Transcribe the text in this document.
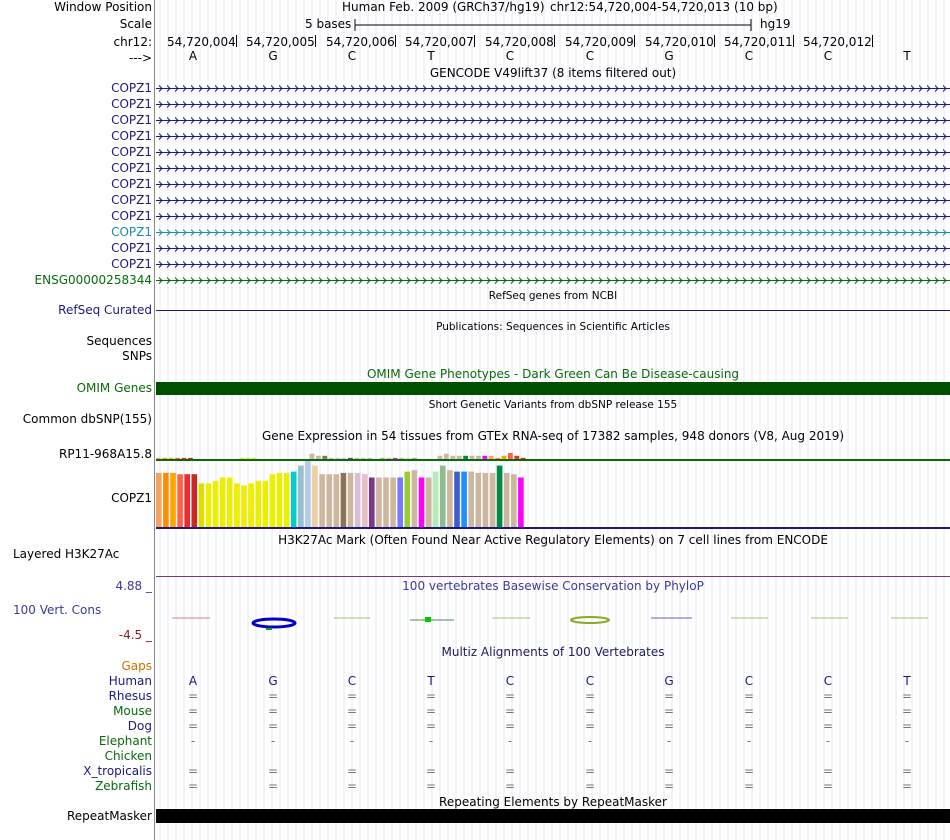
Window Position	Human Feb. 2009 (GRCh37/hg19) chr12:54,720,004-54,720,013 (10 bp)
Scale	5 bases	hg19
chr12: 54,720,004 54,720,005 54,720,006 54,720,007 54,720,008 54,720,009 54,720,010 54,720,011 54,720,012
--->	A	G	C	T	C	C	G	C	C	T
GENCODE V49lift37 (8 items filtered out)
COPZ1
COPZ1
COPZ1
COPZ1
COPZ1
COPZ1
COPZ1
COPZ1
COPZ1
COPZ1
COPZ1
COPZ1
ENSG00000258344
RefSeq genes from NCBI
RefSeq Curated
Publications: Sequences in Scientific Articles
Sequences
SNPs
OMIM Gene Phenotypes - Dark Green Can Be Disease-causing
OMIM Genes
Short Genetic Variants from dbSNP release 155
Common dbSNP(155)
Gene Expression in 54 tissues from GTEx RNA-seq of 17382 samples, 948 donors (V8, Aug 2019)
RP11-968A15.8
COPZ1
H3K27Ac Mark (Often Found Near Active Regulatory Elements) on 7 cell lines from ENCODE
Layered H3K27Ac
100 vertebrates Basewise Conservation by PhyloP
4.88 _
100 Vert. Cons
-4.5 _
Multiz Alignments of 100 Vertebrates
Gaps
Human	A	G	C	T	C	C	G	C	C	T
Rhesus	=	=	=	=	=	=	=	=	=	=
Mouse	=	=	=	=	=	=	=	=	=	=
Dog	=	=	=	=	=	=	=	=	=	=
Elephant	-	-	-	-	-	-	-	-	-	-
Chicken
X_tropicalis	=	=	=	=	=	=	=	=	=	=
Zebrafish	=	=	=	=	=	=	=	=	=	=
Repeating Elements by RepeatMasker
RepeatMasker
